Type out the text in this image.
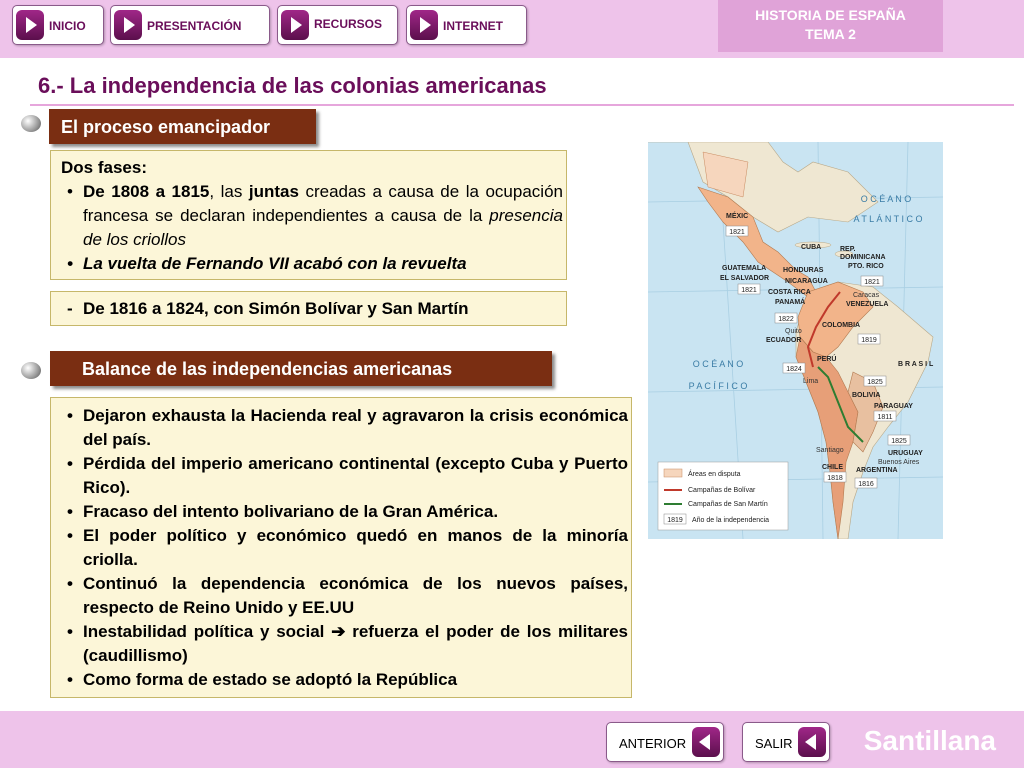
INICIO	PRESENTACIÓN	RECURSOS	INTERNET
HISTORIA DE ESPAÑA
TEMA 2
6.- La independencia de las colonias americanas
El proceso emancipador
Dos fases:
• De 1808 a 1815, las juntas creadas a causa de la ocupación francesa se declaran independientes a causa de la presencia de los criollos
• La vuelta de Fernando VII acabó con la revuelta
- De 1816 a 1824, con Simón Bolívar y San Martín
Balance de las independencias americanas
• Dejaron exhausta la Hacienda real y agravaron la crisis económica del país.
• Pérdida del imperio americano continental (excepto Cuba y Puerto Rico).
• Fracaso del intento bolivariano de la Gran América.
• El poder político y económico quedó en manos de la minoría criolla.
• Continuó la dependencia económica de los nuevos países, respecto de Reino Unido y EE.UU
• Inestabilidad política y social ➔ refuerza el poder de los militares (caudillismo)
• Como forma de estado se adoptó la República
O C É A N O
A T L Á N T I C O
O C É A N O
P A C Í F I C O
MÉXIC
CUBA	REP.
DOMINICANA
PTO. RICO
GUATEMALA HONDURAS
EL SALVADOR NICARAGUA
COSTA RICA
PANAMÁ	VENEZUELA
COLOMBIA
ECUADOR
PERÚ
B R A S I L
BOLIVIA
PARAGUAY
URUGUAY
CHILE ARGENTINA
Caracas
Quito
Lima
Santiago
Buenos Aires
1821
1821
1821
1822
1819
1824
1825
1811
1825
1818
1816
Áreas en disputa
Campañas de Bolívar
Campañas de San Martín
1819 Año de la independencia
ANTERIOR	SALIR	Santillana
